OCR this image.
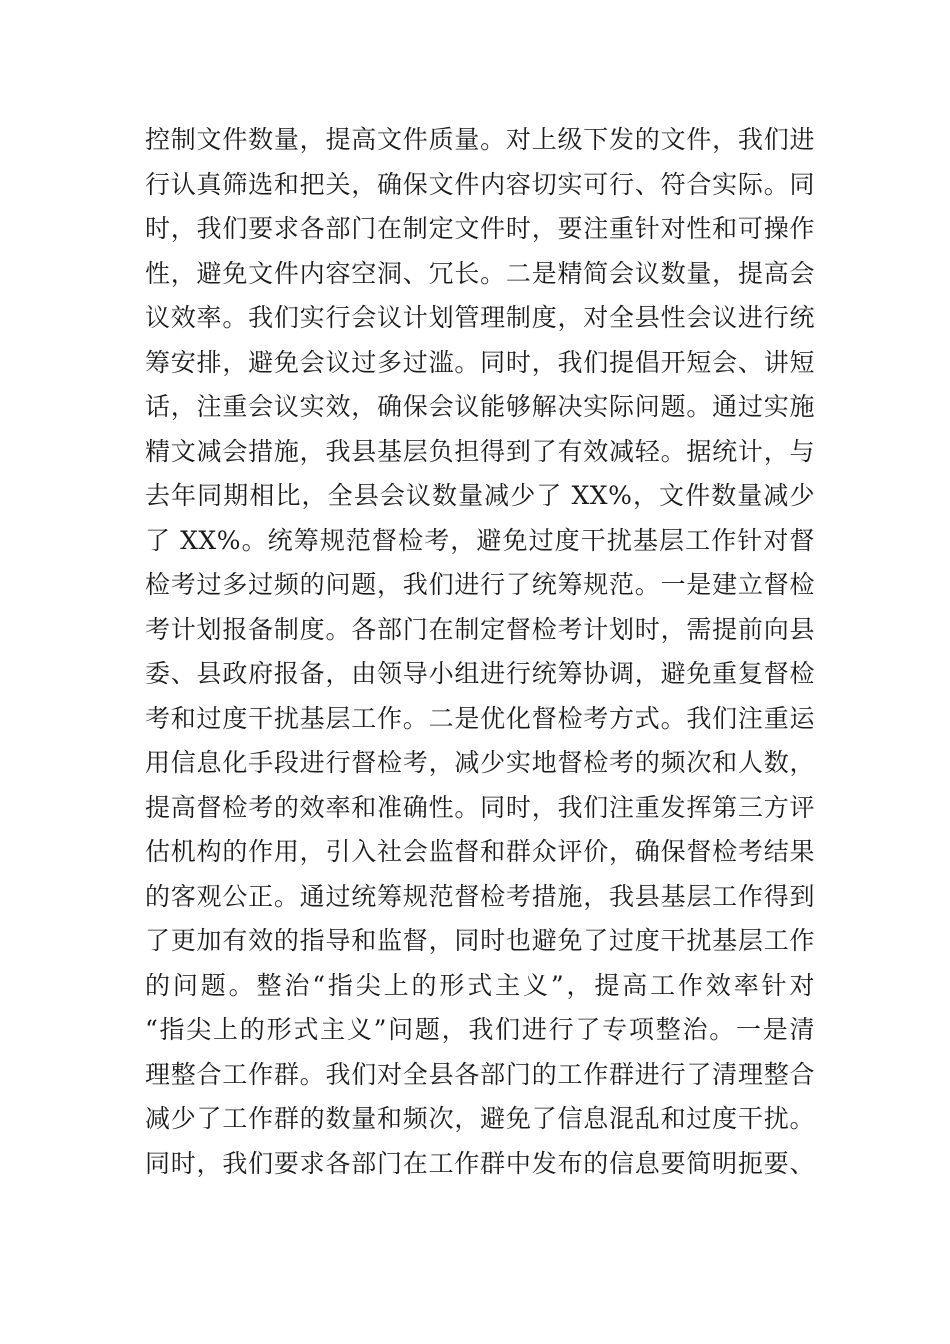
控制文件数量，提高文件质量。对上级下发的文件，我们进
行认真筛选和把关，确保文件内容切实可行、符合实际。同
时，我们要求各部门在制定文件时，要注重针对性和可操作
性，避免文件内容空洞、冗长。二是精简会议数量，提高会
议效率。我们实行会议计划管理制度，对全县性会议进行统
筹安排，避免会议过多过滥。同时，我们提倡开短会、讲短
话，注重会议实效，确保会议能够解决实际问题。通过实施
精文减会措施，我县基层负担得到了有效减轻。据统计，与
去年同期相比，全县会议数量减少了 XX%，文件数量减少
了 XX%。统筹规范督检考，避免过度干扰基层工作针对督
检考过多过频的问题，我们进行了统筹规范。一是建立督检
考计划报备制度。各部门在制定督检考计划时，需提前向县
委、县政府报备，由领导小组进行统筹协调，避免重复督检
考和过度干扰基层工作。二是优化督检考方式。我们注重运
用信息化手段进行督检考，减少实地督检考的频次和人数，
提高督检考的效率和准确性。同时，我们注重发挥第三方评
估机构的作用，引入社会监督和群众评价，确保督检考结果
的客观公正。通过统筹规范督检考措施，我县基层工作得到
了更加有效的指导和监督，同时也避免了过度干扰基层工作
的问题。整治“指尖上的形式主义”，提高工作效率针对
“指尖上的形式主义”问题，我们进行了专项整治。一是清
理整合工作群。我们对全县各部门的工作群进行了清理整合
减少了工作群的数量和频次，避免了信息混乱和过度干扰。
同时，我们要求各部门在工作群中发布的信息要简明扼要、
